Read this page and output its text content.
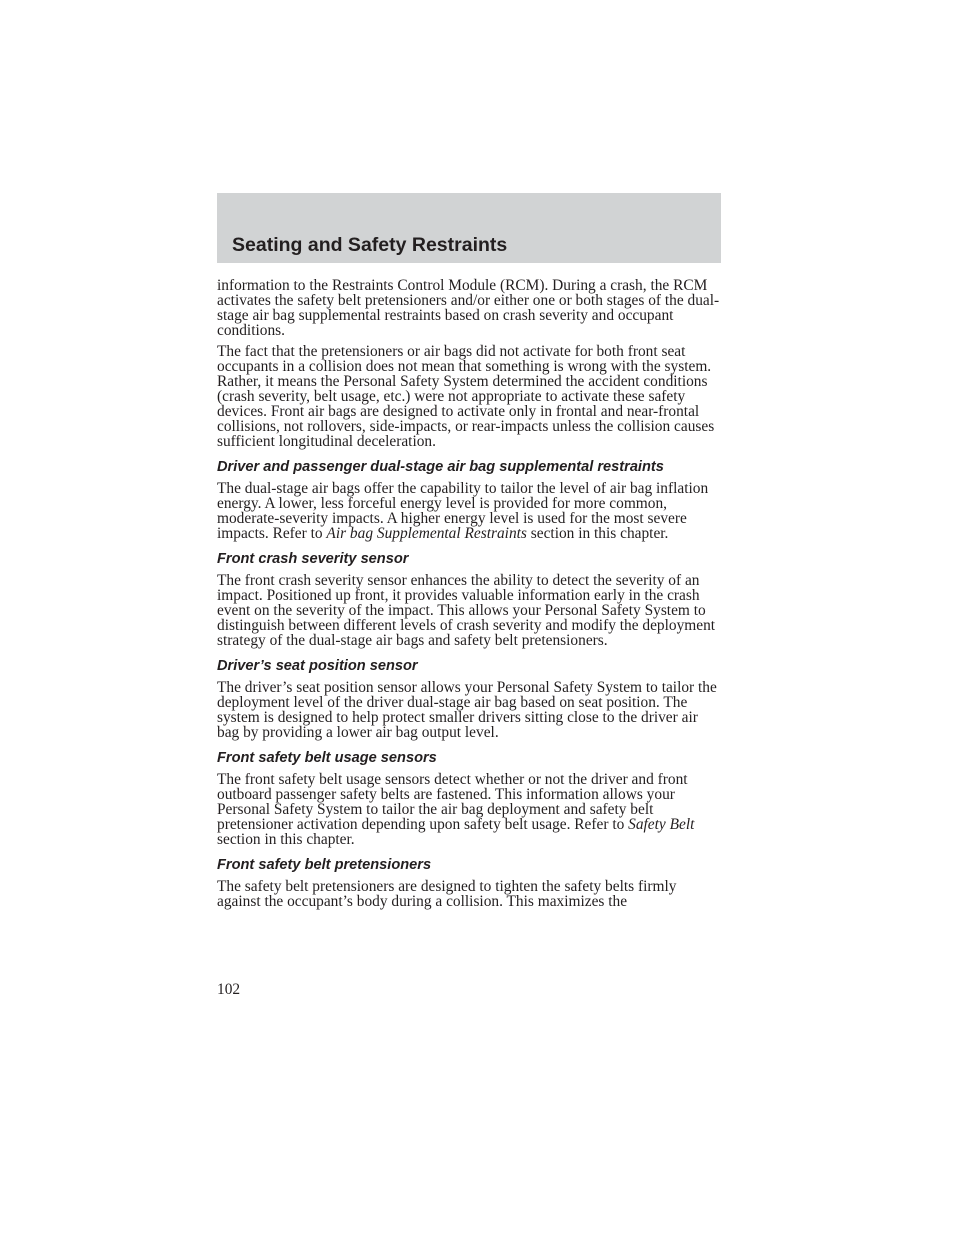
Seating and Safety Restraints

information to the Restraints Control Module (RCM). During a crash, the RCM activates the safety belt pretensioners and/or either one or both stages of the dual-stage air bag supplemental restraints based on crash severity and occupant conditions.

The fact that the pretensioners or air bags did not activate for both front seat occupants in a collision does not mean that something is wrong with the system. Rather, it means the Personal Safety System determined the accident conditions (crash severity, belt usage, etc.) were not appropriate to activate these safety devices. Front air bags are designed to activate only in frontal and near-frontal collisions, not rollovers, side-impacts, or rear-impacts unless the collision causes sufficient longitudinal deceleration.

Driver and passenger dual-stage air bag supplemental restraints

The dual-stage air bags offer the capability to tailor the level of air bag inflation energy. A lower, less forceful energy level is provided for more common, moderate-severity impacts. A higher energy level is used for the most severe impacts. Refer to Air bag Supplemental Restraints section in this chapter.

Front crash severity sensor

The front crash severity sensor enhances the ability to detect the severity of an impact. Positioned up front, it provides valuable information early in the crash event on the severity of the impact. This allows your Personal Safety System to distinguish between different levels of crash severity and modify the deployment strategy of the dual-stage air bags and safety belt pretensioners.

Driver’s seat position sensor

The driver’s seat position sensor allows your Personal Safety System to tailor the deployment level of the driver dual-stage air bag based on seat position. The system is designed to help protect smaller drivers sitting close to the driver air bag by providing a lower air bag output level.

Front safety belt usage sensors

The front safety belt usage sensors detect whether or not the driver and front outboard passenger safety belts are fastened. This information allows your Personal Safety System to tailor the air bag deployment and safety belt pretensioner activation depending upon safety belt usage. Refer to Safety Belt section in this chapter.

Front safety belt pretensioners

The safety belt pretensioners are designed to tighten the safety belts firmly against the occupant’s body during a collision. This maximizes the

102
